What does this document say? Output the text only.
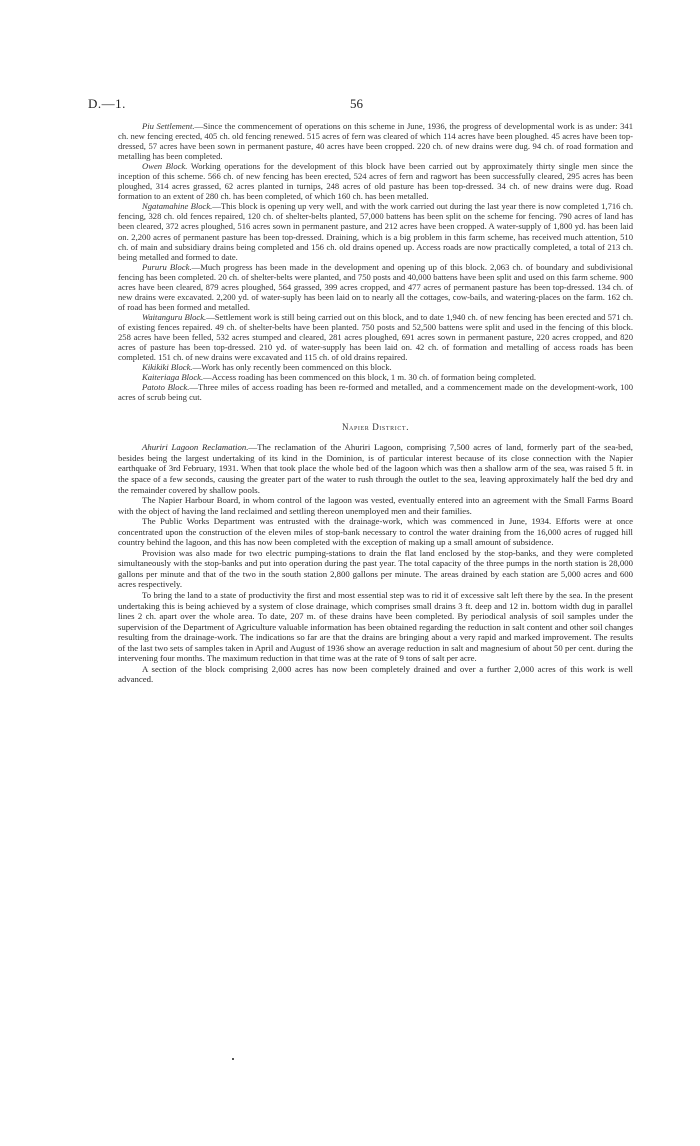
D.—1.	56

Piu Settlement.—Since the commencement of operations on this scheme in June, 1936, the progress of developmental work is as under: 341 ch. new fencing erected, 405 ch. old fencing renewed. 515 acres of fern was cleared of which 114 acres have been ploughed. 45 acres have been top-dressed, 57 acres have been sown in permanent pasture, 40 acres have been cropped. 220 ch. of new drains were dug. 94 ch. of road formation and metalling has been completed.

Owen Block. Working operations for the development of this block have been carried out by approximately thirty single men since the inception of this scheme. 566 ch. of new fencing has been erected, 524 acres of fern and ragwort has been successfully cleared, 295 acres has been ploughed, 314 acres grassed, 62 acres planted in turnips, 248 acres of old pasture has been top-dressed. 34 ch. of new drains were dug. Road formation to an extent of 280 ch. has been completed, of which 160 ch. has been metalled.

Ngatamahine Block.—This block is opening up very well, and with the work carried out during the last year there is now completed 1,716 ch. fencing, 328 ch. old fences repaired, 120 ch. of shelter-belts planted, 57,000 battens has been split on the scheme for fencing. 790 acres of land has been cleared, 372 acres ploughed, 516 acres sown in permanent pasture, and 212 acres have been cropped. A water-supply of 1,800 yd. has been laid on. 2,200 acres of permanent pasture has been top-dressed. Draining, which is a big problem in this farm scheme, has received much attention, 510 ch. of main and subsidiary drains being completed and 156 ch. old drains opened up. Access roads are now practically completed, a total of 213 ch. being metalled and formed to date.

Pururu Block.—Much progress has been made in the development and opening up of this block. 2,063 ch. of boundary and subdivisional fencing has been completed. 20 ch. of shelter-belts were planted, and 750 posts and 40,000 battens have been split and used on this farm scheme. 900 acres have been cleared, 879 acres ploughed, 564 grassed, 399 acres cropped, and 477 acres of permanent pasture has been top-dressed. 134 ch. of new drains were excavated. 2,200 yd. of water-suply has been laid on to nearly all the cottages, cow-bails, and watering-places on the farm. 162 ch. of road has been formed and metalled.

Waitanguru Block.—Settlement work is still being carried out on this block, and to date 1,940 ch. of new fencing has been erected and 571 ch. of existing fences repaired. 49 ch. of shelter-belts have been planted. 750 posts and 52,500 battens were split and used in the fencing of this block. 258 acres have been felled, 532 acres stumped and cleared, 281 acres ploughed, 691 acres sown in permanent pasture, 220 acres cropped, and 820 acres of pasture has been top-dressed. 210 yd. of water-supply has been laid on. 42 ch. of formation and metalling of access roads has been completed. 151 ch. of new drains were excavated and 115 ch. of old drains repaired.

Kikikiki Block.—Work has only recently been commenced on this block.

Kaiteriaga Block.—Access roading has been commenced on this block, 1 m. 30 ch. of formation being completed.

Patoto Block.—Three miles of access roading has been re-formed and metalled, and a commencement made on the development-work, 100 acres of scrub being cut.

Napier District.

Ahuriri Lagoon Reclamation.—The reclamation of the Ahuriri Lagoon, comprising 7,500 acres of land, formerly part of the sea-bed, besides being the largest undertaking of its kind in the Dominion, is of particular interest because of its close connection with the Napier earthquake of 3rd February, 1931. When that took place the whole bed of the lagoon which was then a shallow arm of the sea, was raised 5 ft. in the space of a few seconds, causing the greater part of the water to rush through the outlet to the sea, leaving approximately half the bed dry and the remainder covered by shallow pools.

The Napier Harbour Board, in whom control of the lagoon was vested, eventually entered into an agreement with the Small Farms Board with the object of having the land reclaimed and settling thereon unemployed men and their families.

The Public Works Department was entrusted with the drainage-work, which was commenced in June, 1934. Efforts were at once concentrated upon the construction of the eleven miles of stop-bank necessary to control the water draining from the 16,000 acres of rugged hill country behind the lagoon, and this has now been completed with the exception of making up a small amount of subsidence.

Provision was also made for two electric pumping-stations to drain the flat land enclosed by the stop-banks, and they were completed simultaneously with the stop-banks and put into operation during the past year. The total capacity of the three pumps in the north station is 28,000 gallons per minute and that of the two in the south station 2,800 gallons per minute. The areas drained by each station are 5,000 acres and 600 acres respectively.

To bring the land to a state of productivity the first and most essential step was to rid it of excessive salt left there by the sea. In the present undertaking this is being achieved by a system of close drainage, which comprises small drains 3 ft. deep and 12 in. bottom width dug in parallel lines 2 ch. apart over the whole area. To date, 207 m. of these drains have been completed. By periodical analysis of soil samples under the supervision of the Department of Agriculture valuable information has been obtained regarding the reduction in salt content and other soil changes resulting from the drainage-work. The indications so far are that the drains are bringing about a very rapid and marked improvement. The results of the last two sets of samples taken in April and August of 1936 show an average reduction in salt and magnesium of about 50 per cent. during the intervening four months. The maximum reduction in that time was at the rate of 9 tons of salt per acre.

A section of the block comprising 2,000 acres has now been completely drained and over a further 2,000 acres of this work is well advanced.
